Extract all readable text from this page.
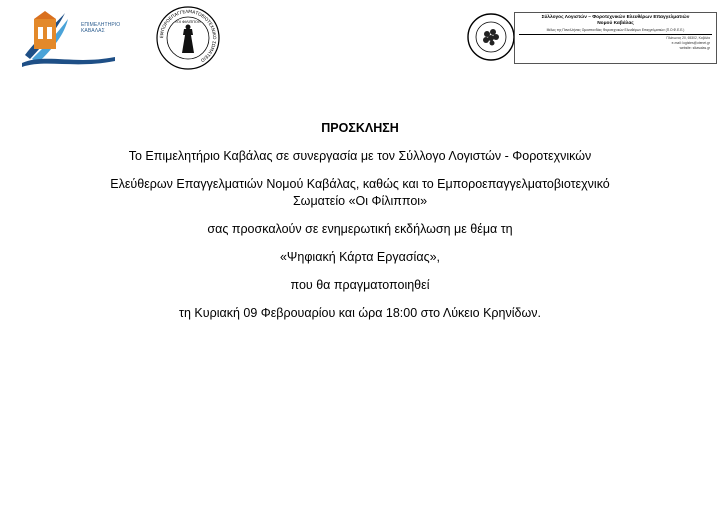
ΕΠΙΜΕΛΗΤΗΡΙΟ
ΚΑΒΑΛΑΣ
ΕΜΠΟΡΟΕΠΑΓΓΕΛΜΑΤΟΒΙΟΤΕΧΝΙΚΟ ΣΩΜΑΤΕΙΟ
«ΟΙ ΦΙΛΙΠΠΟΙ»
Σύλλογος Λογιστών – Φοροτεχνικών Ελευθέρων Επαγγελματιών
Νομού Καβάλας
Μέλος της Πανελλήνιας Ομοσπονδίας Φοροτεχνικών Ελευθέρων Επαγγελματιών (Π.Ο.Φ.Ε.Ε.)
Πλάτωνος 20, 65302, Καβάλα
e-mail: logistes@otenet.gr
website: slkavalas.gr
ΠΡΟΣΚΛΗΣΗ

Το Επιμελητήριο Καβάλας σε συνεργασία με τον Σύλλογο Λογιστών - Φοροτεχνικών

Ελεύθερων Επαγγελματιών Νομού Καβάλας, καθώς και το Εμποροεπαγγελματοβιοτεχνικό

Σωματείο «Οι Φίλιπποι»

σας προσκαλούν σε ενημερωτική εκδήλωση με θέμα τη

«Ψηφιακή Κάρτα Εργασίας»,

που θα πραγματοποιηθεί

τη Κυριακή 09 Φεβρουαρίου και ώρα 18:00 στο Λύκειο Κρηνίδων.
